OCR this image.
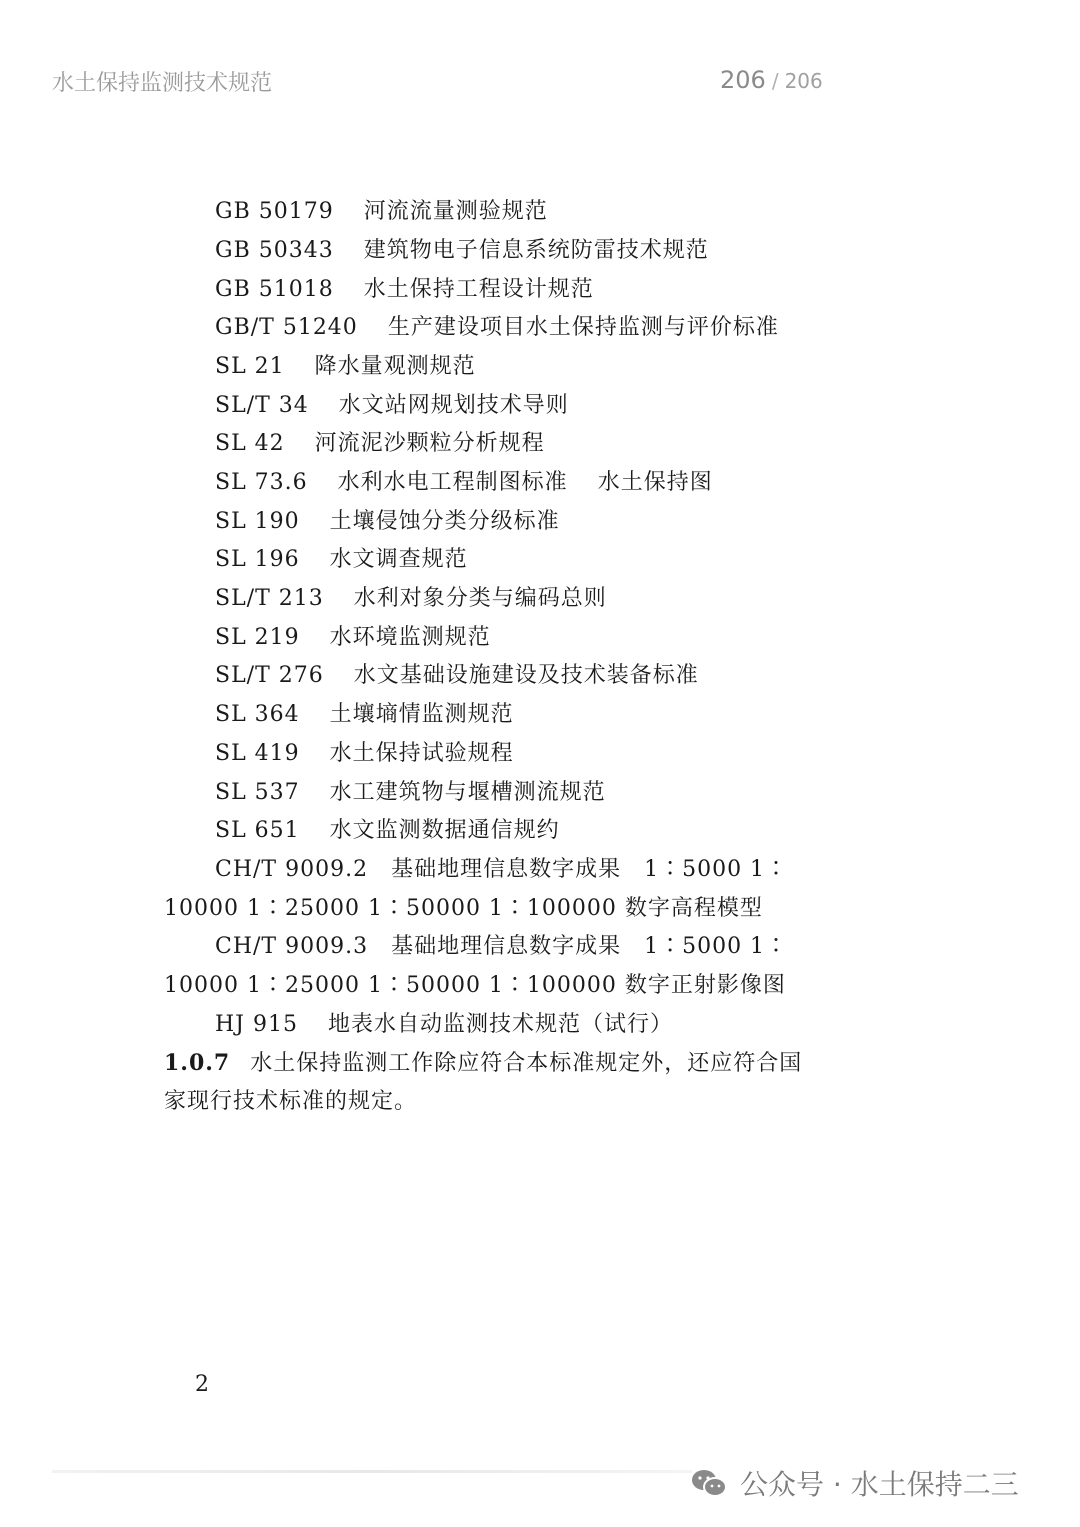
水土保持监测技术规范	206 / 206
GB 50179 河流流量测验规范
GB 50343 建筑物电子信息系统防雷技术规范
GB 51018 水土保持工程设计规范
GB/T 51240 生产建设项目水土保持监测与评价标准
SL 21 降水量观测规范
SL/T 34 水文站网规划技术导则
SL 42 河流泥沙颗粒分析规程
SL 73.6 水利水电工程制图标准 水土保持图
SL 190 土壤侵蚀分类分级标准
SL 196 水文调查规范
SL/T 213 水利对象分类与编码总则
SL 219 水环境监测规范
SL/T 276 水文基础设施建设及技术装备标准
SL 364 土壤墒情监测规范
SL 419 水土保持试验规程
SL 537 水工建筑物与堰槽测流规范
SL 651 水文监测数据通信规约
CH/T 9009.2　基础地理信息数字成果　1∶5000 1∶
10000 1∶25000 1∶50000 1∶100000 数字高程模型
CH/T 9009.3　基础地理信息数字成果　1∶5000 1∶
10000 1∶25000 1∶50000 1∶100000 数字正射影像图
HJ 915 地表水自动监测技术规范（试行）
1.0.7 水土保持监测工作除应符合本标准规定外，还应符合国
家现行技术标准的规定。
2
公众号 · 水土保持二三
